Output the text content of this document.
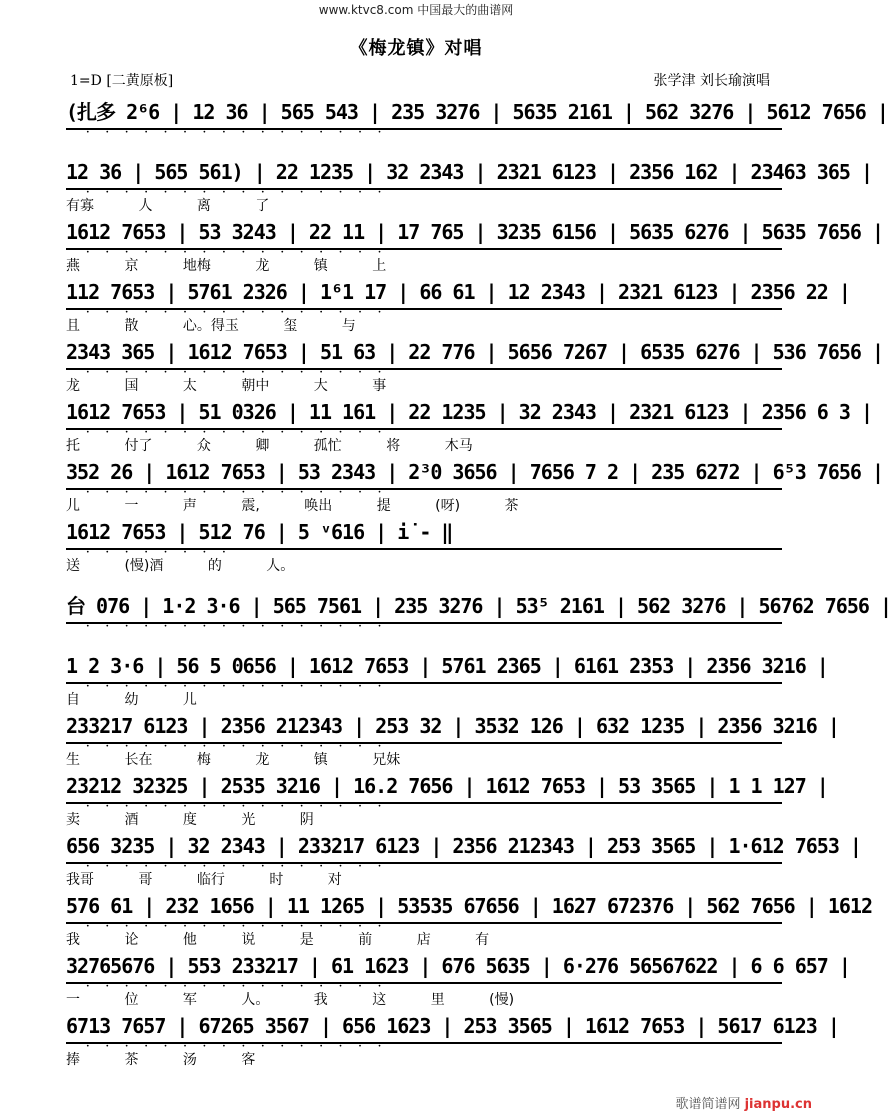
www.ktvc8.com 中国最大的曲谱网
《梅龙镇》对唱
1=D [二黄原板]	张学津 刘长瑜演唱
(扎多 2⁶6 | 12 36 | 565 543 | 235 3276 | 5635 2161 | 562 3276 | 5612 7656 |
• • • • • • • • • • • • • • • •
12 36 | 565 561) | 22 1235 | 32 2343 | 2321 6123 | 2356 162 | 23463 365 |
• • • • • • • • • • • • • • • •
有寡 人 离 了
1612 7653 | 53 3243 | 22 11 | 17 765 | 3235 6156 | 5635 6276 | 5635 7656 |
• • • • • • • • • • • • • • • •
燕 京 地梅 龙 镇 上
112 7653 | 5761 2326 | 1⁶1 17 | 66 61 | 12 2343 | 2321 6123 | 2356 22 |
• • • • • • • • • • • • • • • •
且 散 心。得玉 玺 与
2343 365 | 1612 7653 | 51 63 | 22 776 | 5656 7267 | 6535 6276 | 536 7656 |
• • • • • • • • • • • • • • • •
龙 国 太 朝中 大 事
1612 7653 | 51 0326 | 11 161 | 22 1235 | 32 2343 | 2321 6123 | 2356 6 3 |
• • • • • • • • • • • • • • • •
托 付了 众 卿 孤忙 将 木马
352 26 | 1612 7653 | 53 2343 | 2³0 3656 | 7656 7 2 | 235 6272 | 6⁵3 7656 |
• • • • • • • • • • • • • • • •
儿 一 声 震, 唤出 提 (呀) 茶
1612 7653 | 512 76 | 5 ᵛ616 | i̇ - ‖
• • • • • • • •
送 (慢)酒 的 人。
台 076 | 1·2 3·6 | 565 7561 | 235 3276 | 53⁵ 2161 | 562 3276 | 56762 7656 |
• • • • • • • • • • • • • • • •
1 2 3·6 | 56 5 0656 | 1612 7653 | 5761 2365 | 6161 2353 | 2356 3216 |
• • • • • • • • • • • • • • • •
自 幼 儿
233217 6123 | 2356 212343 | 253 32 | 3532 126 | 632 1235 | 2356 3216 |
• • • • • • • • • • • • • • • •
生 长在 梅 龙 镇 兄妹
23212 32325 | 2535 3216 | 16.2 7656 | 1612 7653 | 53 3565 | 1 1 127 |
• • • • • • • • • • • • • • • •
卖 酒 度 光 阴
656 3235 | 32 2343 | 233217 6123 | 2356 212343 | 253 3565 | 1·612 7653 |
• • • • • • • • • • • • • • • •
我哥 哥 临行 时 对
576 61 | 232 1656 | 11 1265 | 53535 67656 | 1627 672376 | 562 7656 | 1612
• • • • • • • • • • • • • • • •
我 论 他 说 是 前 店 有
32765676 | 553 233217 | 61 1623 | 676 5635 | 6·276 56567622 | 6 6 657 |
• • • • • • • • • • • • • • • •
一 位 军 人。 我 这 里 (慢)
6713 7657 | 67265 3567 | 656 1623 | 253 3565 | 1612 7653 | 5617 6123 |
• • • • • • • • • • • • • • • •
捧 茶 汤 客
歌谱简谱网 jianpu.cn
